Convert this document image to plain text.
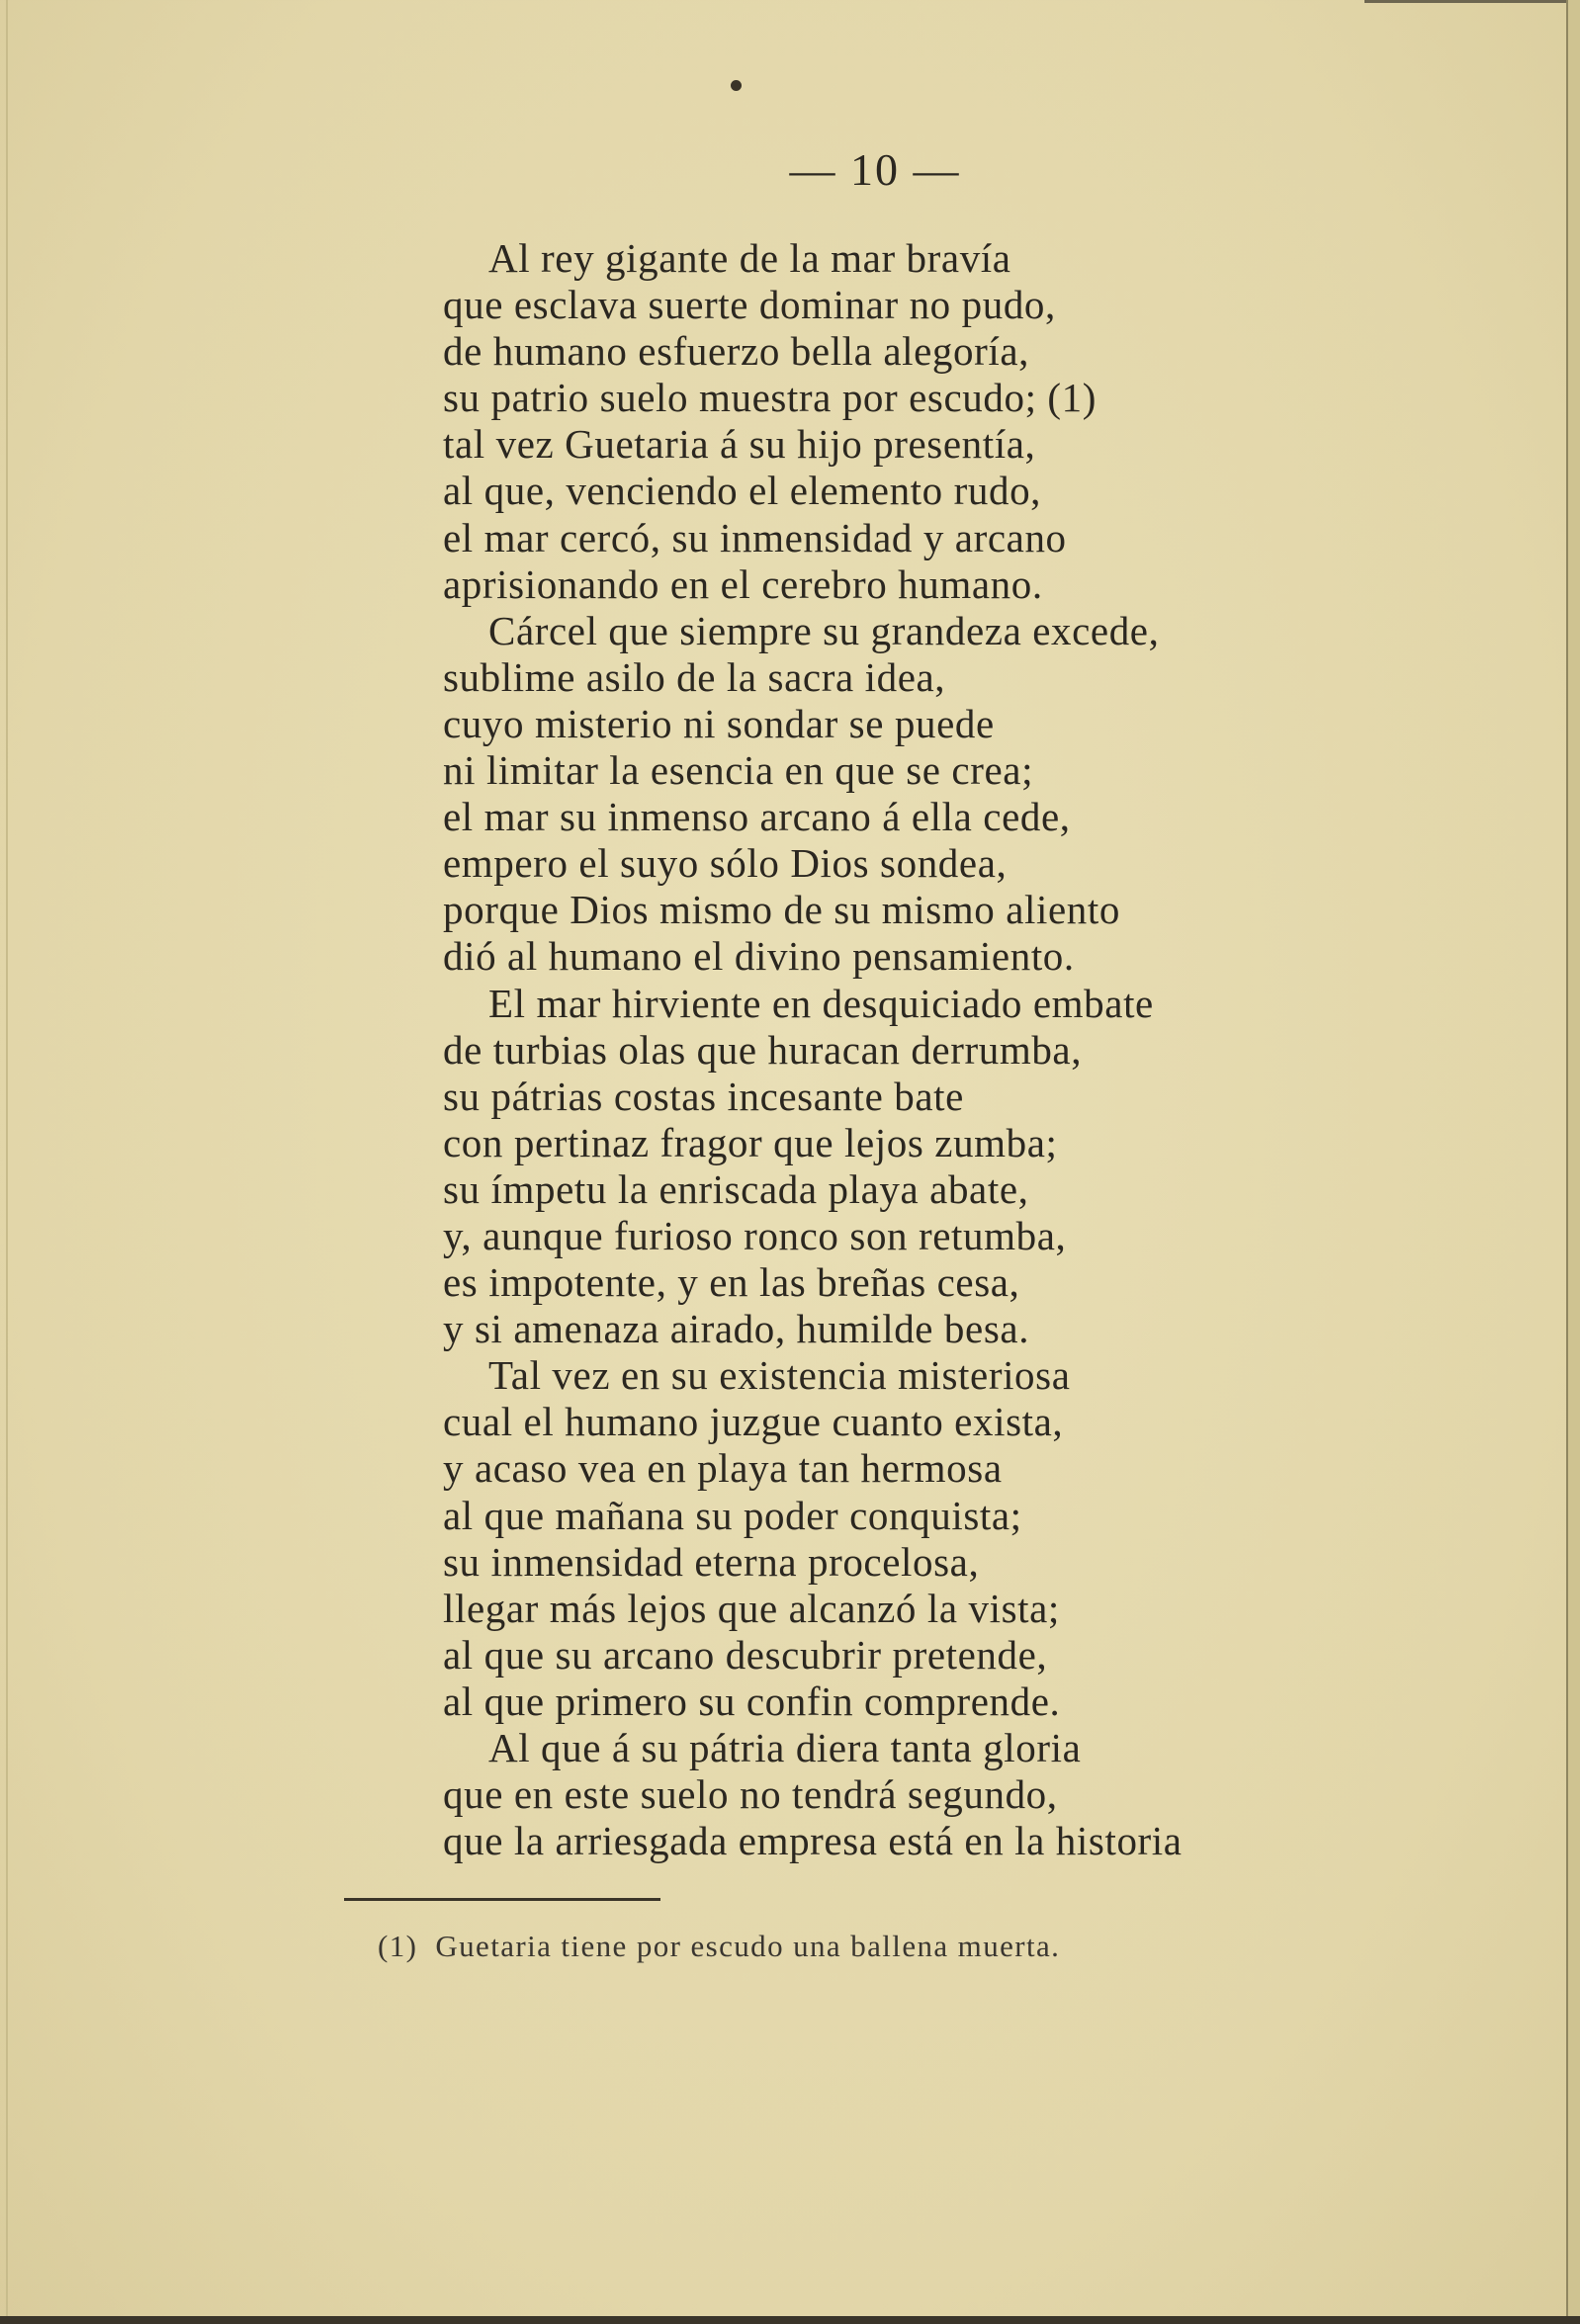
— 10 —
Al rey gigante de la mar bravía
que esclava suerte dominar no pudo,
de humano esfuerzo bella alegoría,
su patrio suelo muestra por escudo; (1)
tal vez Guetaria á su hijo presentía,
al que, venciendo el elemento rudo,
el mar cercó, su inmensidad y arcano
aprisionando en el cerebro humano.
Cárcel que siempre su grandeza excede,
sublime asilo de la sacra idea,
cuyo misterio ni sondar se puede
ni limitar la esencia en que se crea;
el mar su inmenso arcano á ella cede,
empero el suyo sólo Dios sondea,
porque Dios mismo de su mismo aliento
dió al humano el divino pensamiento.
El mar hirviente en desquiciado embate
de turbias olas que huracan derrumba,
su pátrias costas incesante bate
con pertinaz fragor que lejos zumba;
su ímpetu la enriscada playa abate,
y, aunque furioso ronco son retumba,
es impotente, y en las breñas cesa,
y si amenaza airado, humilde besa.
Tal vez en su existencia misteriosa
cual el humano juzgue cuanto exista,
y acaso vea en playa tan hermosa
al que mañana su poder conquista;
su inmensidad eterna procelosa,
llegar más lejos que alcanzó la vista;
al que su arcano descubrir pretende,
al que primero su confin comprende.
Al que á su pátria diera tanta gloria
que en este suelo no tendrá segundo,
que la arriesgada empresa está en la historia
(1) Guetaria tiene por escudo una ballena muerta.
